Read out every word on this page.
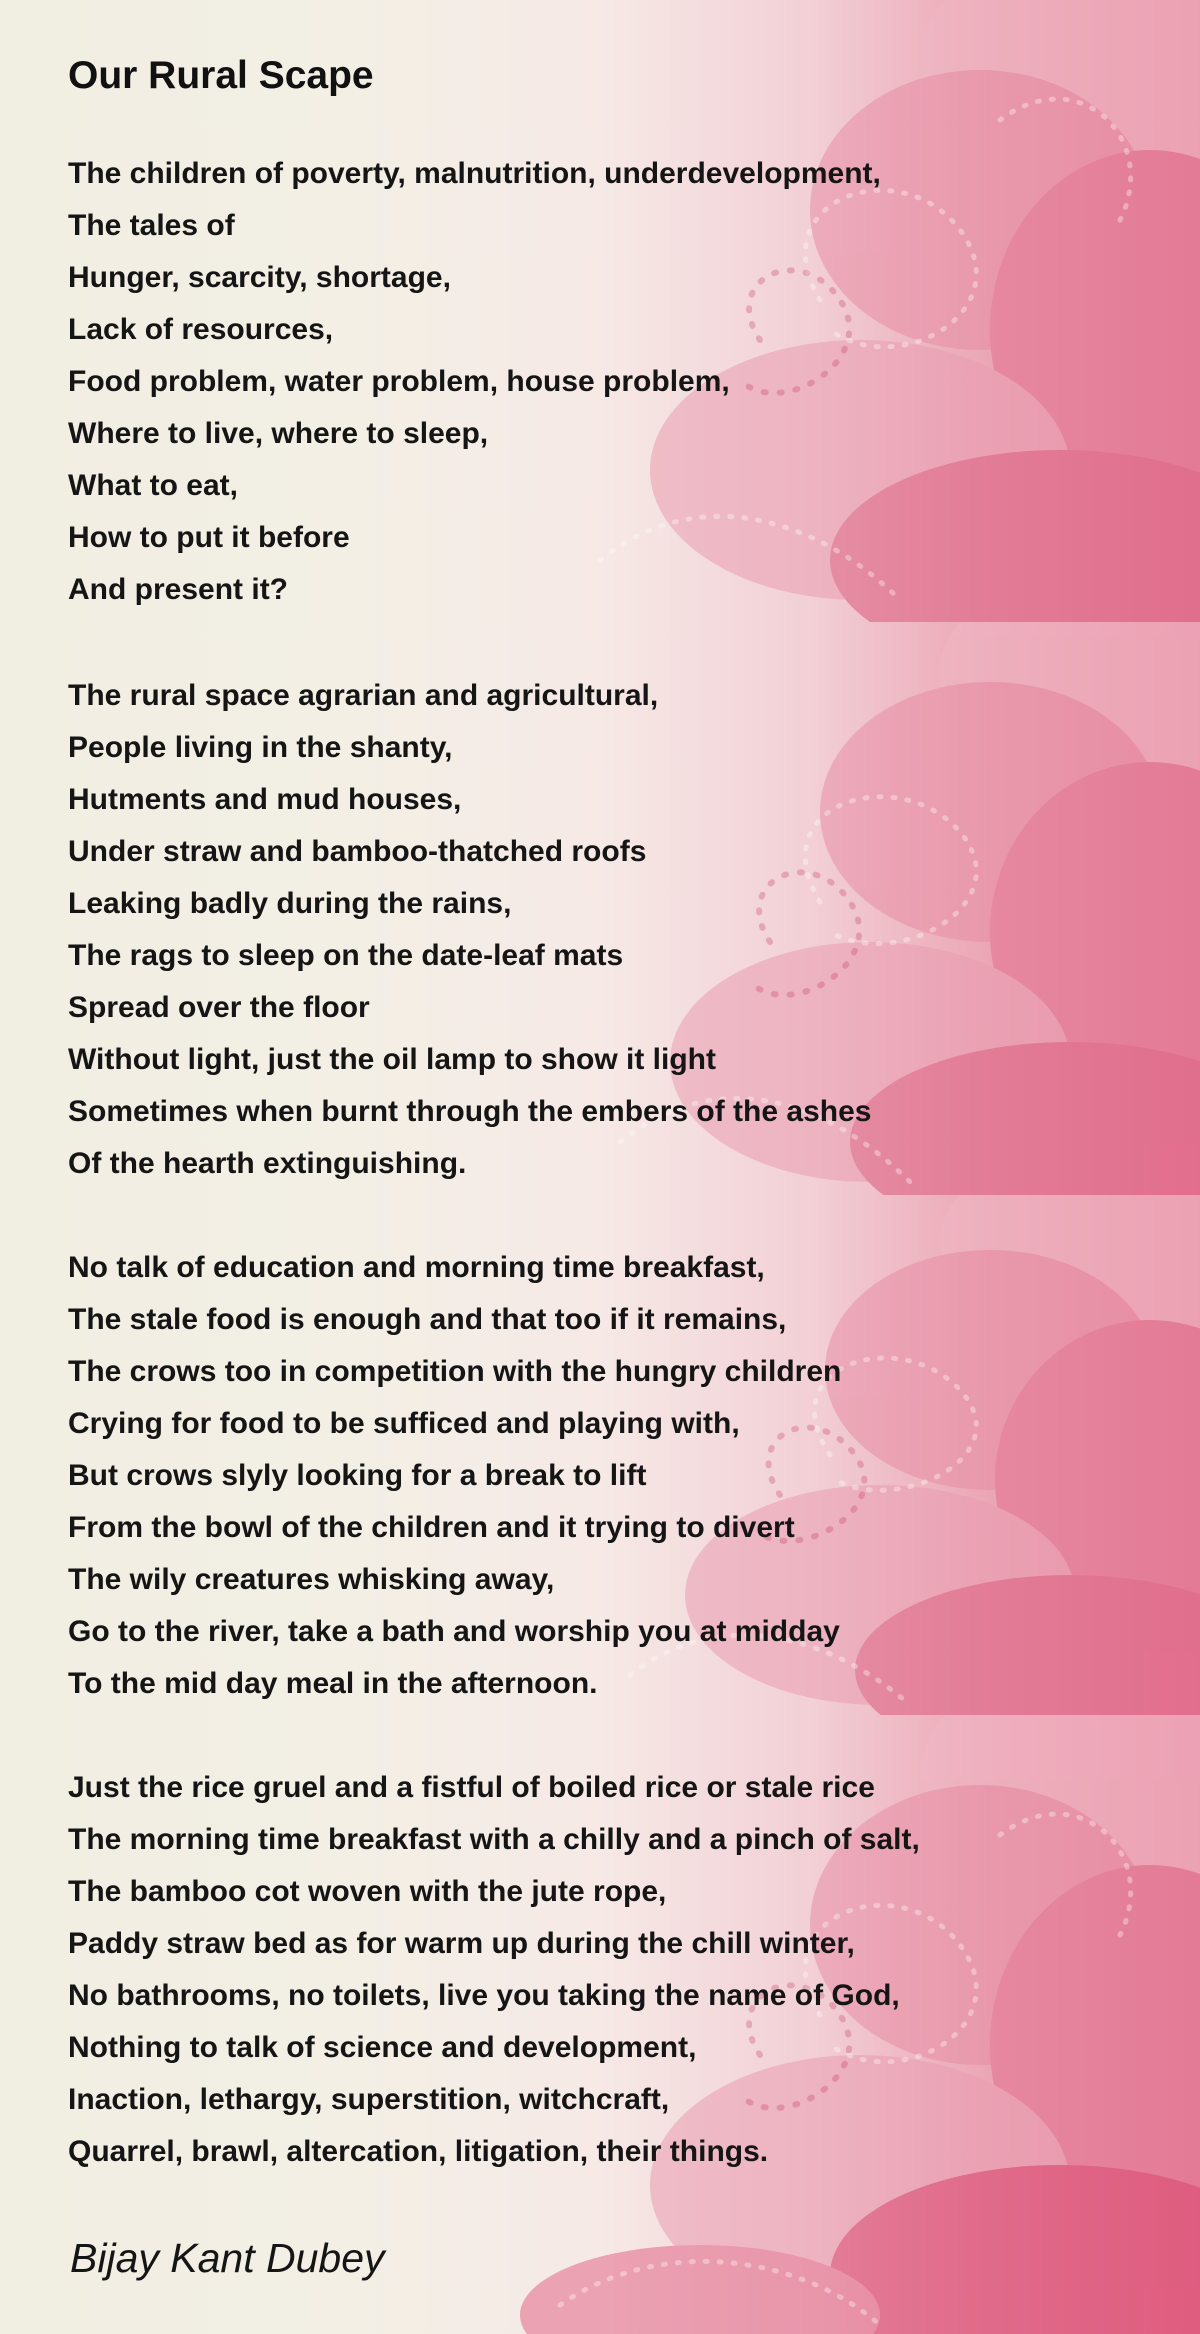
Our Rural Scape
The children of poverty, malnutrition, underdevelopment,
The tales of
Hunger, scarcity, shortage,
Lack of resources,
Food problem, water problem, house problem,
Where to live, where to sleep,
What to eat,
How to put it before
And present it?
The rural space agrarian and agricultural,
People living in the shanty,
Hutments and mud houses,
Under straw and bamboo-thatched roofs
Leaking badly during the rains,
The rags to sleep on the date-leaf mats
Spread over the floor
Without light, just the oil lamp to show it light
Sometimes when burnt through the embers of the ashes
Of the hearth extinguishing.
No talk of education and morning time breakfast,
The stale food is enough and that too if it remains,
The crows too in competition with the hungry children
Crying for food to be sufficed and playing with,
But crows slyly looking for a break to lift
From the bowl of the children and it trying to divert
The wily creatures whisking away,
Go to the river, take a bath and worship you at midday
To the mid day meal in the afternoon.
Just the rice gruel and a fistful of boiled rice or stale rice
The morning time breakfast with a chilly and a pinch of salt,
The bamboo cot woven with the jute rope,
Paddy straw bed as for warm up during the chill winter,
No bathrooms, no toilets, live you taking the name of God,
Nothing to talk of science and development,
Inaction, lethargy, superstition, witchcraft,
Quarrel, brawl, altercation, litigation, their things.

Bijay Kant Dubey
